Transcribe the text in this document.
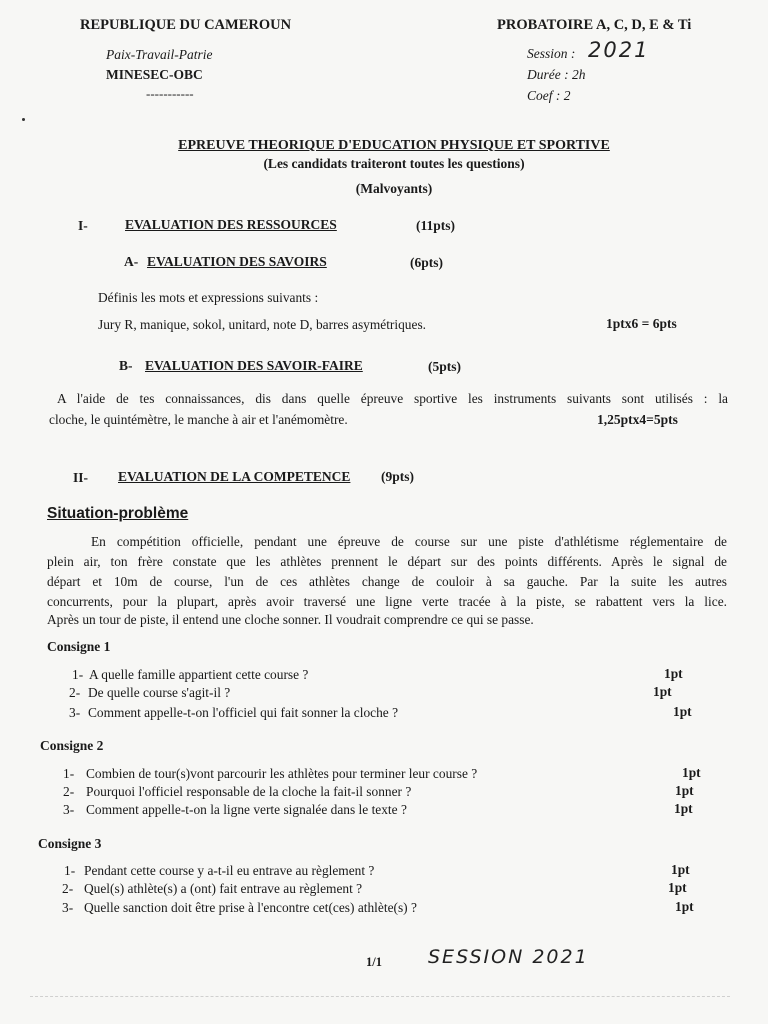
REPUBLIQUE DU CAMEROUN
Paix-Travail-Patrie
MINESEC-OBC
-----------
PROBATOIRE A, C, D, E & Ti
Session : 2021
Durée : 2h
Coef : 2
EPREUVE THEORIQUE D'EDUCATION PHYSIQUE ET SPORTIVE
(Les candidats traiteront toutes les questions)
(Malvoyants)
I-	EVALUATION DES RESSOURCES	(11pts)
A- EVALUATION DES SAVOIRS	(6pts)
Définis les mots et expressions suivants :
Jury R, manique, sokol, unitard, note D, barres asymétriques.	1ptx6 = 6pts
B- EVALUATION DES SAVOIR-FAIRE	(5pts)
A l'aide de tes connaissances, dis dans quelle épreuve sportive les instruments suivants sont utilisés : la
cloche, le quintémètre, le manche à air et l'anémomètre.	1,25ptx4=5pts
II- EVALUATION DE LA COMPETENCE (9pts)
Situation-problème
En compétition officielle, pendant une épreuve de course sur une piste d'athlétisme réglementaire de
plein air, ton frère constate que les athlètes prennent le départ sur des points différents. Après le signal de
départ et 10m de course, l'un de ces athlètes change de couloir à sa gauche. Par la suite les autres
concurrents, pour la plupart, après avoir traversé une ligne verte tracée à la piste, se rabattent vers la lice.
Après un tour de piste, il entend une cloche sonner. Il voudrait comprendre ce qui se passe.
Consigne 1
1- A quelle famille appartient cette course ?	1pt
2- De quelle course s'agit-il ?	1pt
3- Comment appelle-t-on l'officiel qui fait sonner la cloche ?	1pt
Consigne 2
1- Combien de tour(s)vont parcourir les athlètes pour terminer leur course ?	1pt
2- Pourquoi l'officiel responsable de la cloche la fait-il sonner ?	1pt
3- Comment appelle-t-on la ligne verte signalée dans le texte ?	1pt
Consigne 3
1- Pendant cette course y a-t-il eu entrave au règlement ?	1pt
2- Quel(s) athlète(s) a (ont) fait entrave au règlement ?	1pt
3- Quelle sanction doit être prise à l'encontre cet(ces) athlète(s) ?	1pt
1/1 SESSION 2021
